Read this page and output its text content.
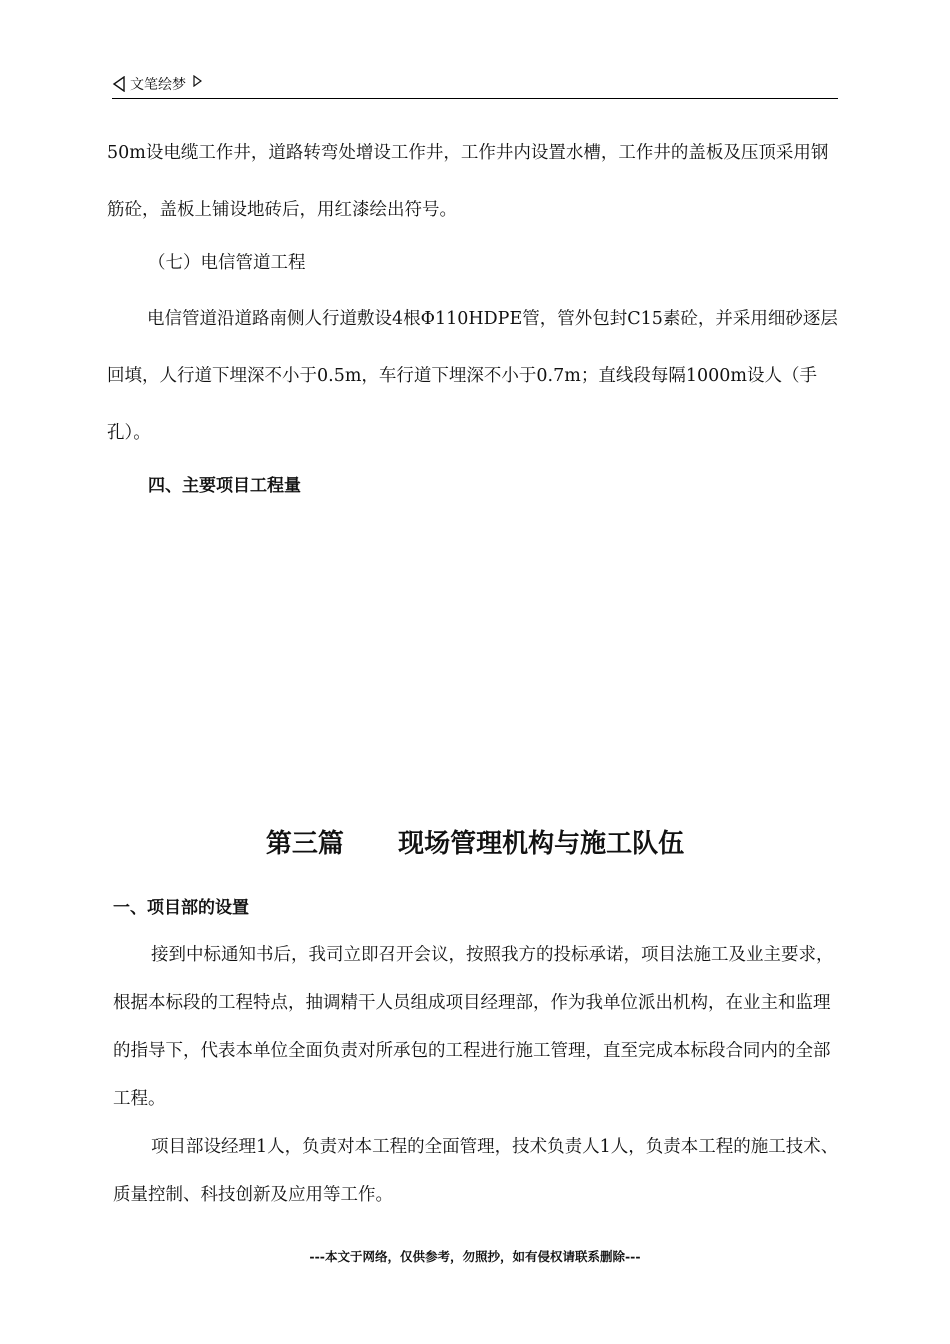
文笔绘梦

50m设电缆工作井，道路转弯处增设工作井，工作井内设置水槽，工作井的盖板及压顶采用钢筋砼，盖板上铺设地砖后，用红漆绘出符号。

（七）电信管道工程

电信管道沿道路南侧人行道敷设4根Φ110HDPE管，管外包封C15素砼，并采用细砂逐层回填，人行道下埋深不小于0.5m，车行道下埋深不小于0.7m；直线段每隔1000m设人（手孔）。

四、主要项目工程量

第三篇      现场管理机构与施工队伍

一、项目部的设置

接到中标通知书后，我司立即召开会议，按照我方的投标承诺，项目法施工及业主要求，根据本标段的工程特点，抽调精干人员组成项目经理部，作为我单位派出机构，在业主和监理的指导下，代表本单位全面负责对所承包的工程进行施工管理，直至完成本标段合同内的全部工程。

项目部设经理1人，负责对本工程的全面管理，技术负责人1人，负责本工程的施工技术、质量控制、科技创新及应用等工作。

---本文于网络，仅供参考，勿照抄，如有侵权请联系删除---
